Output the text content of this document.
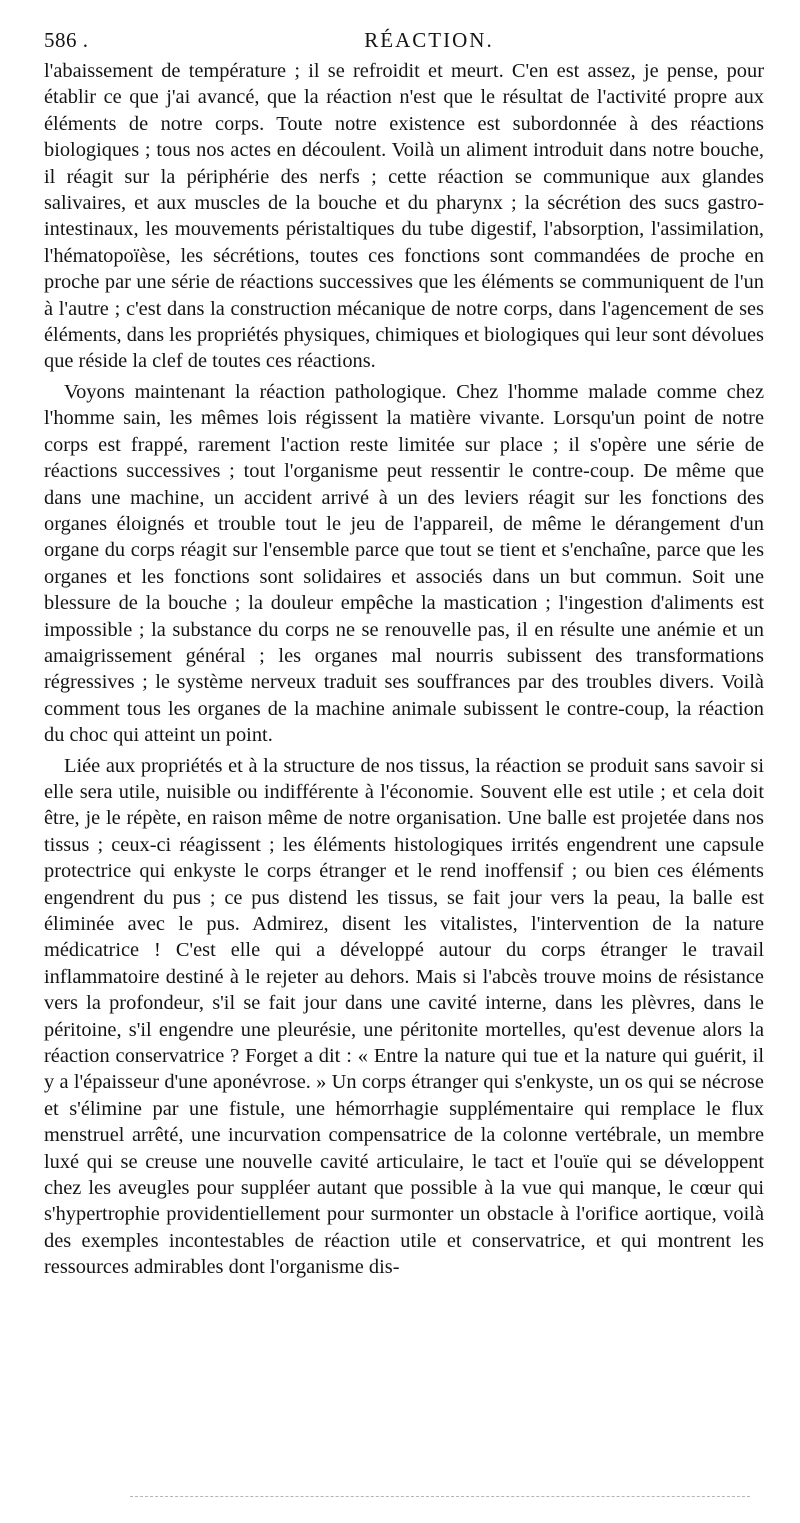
586 .	RÉACTION.

l'abaissement de température ; il se refroidit et meurt. C'en est assez, je pense, pour établir ce que j'ai avancé, que la réaction n'est que le résultat de l'activité propre aux éléments de notre corps. Toute notre existence est subordonnée à des réactions biologiques ; tous nos actes en découlent. Voilà un aliment introduit dans notre bouche, il réagit sur la périphérie des nerfs ; cette réaction se communique aux glandes salivaires, et aux muscles de la bouche et du pharynx ; la sécrétion des sucs gastro-intestinaux, les mouvements péristaltiques du tube digestif, l'absorption, l'assimilation, l'hématopoïèse, les sécrétions, toutes ces fonctions sont commandées de proche en proche par une série de réactions successives que les éléments se communiquent de l'un à l'autre ; c'est dans la construction mécanique de notre corps, dans l'agencement de ses éléments, dans les propriétés physiques, chimiques et biologiques qui leur sont dévolues que réside la clef de toutes ces réactions.

Voyons maintenant la réaction pathologique. Chez l'homme malade comme chez l'homme sain, les mêmes lois régissent la matière vivante. Lorsqu'un point de notre corps est frappé, rarement l'action reste limitée sur place ; il s'opère une série de réactions successives ; tout l'organisme peut ressentir le contre-coup. De même que dans une machine, un accident arrivé à un des leviers réagit sur les fonctions des organes éloignés et trouble tout le jeu de l'appareil, de même le dérangement d'un organe du corps réagit sur l'ensemble parce que tout se tient et s'enchaîne, parce que les organes et les fonctions sont solidaires et associés dans un but commun. Soit une blessure de la bouche ; la douleur empêche la mastication ; l'ingestion d'aliments est impossible ; la substance du corps ne se renouvelle pas, il en résulte une anémie et un amaigrissement général ; les organes mal nourris subissent des transformations régressives ; le système nerveux traduit ses souffrances par des troubles divers. Voilà comment tous les organes de la machine animale subissent le contre-coup, la réaction du choc qui atteint un point.

Liée aux propriétés et à la structure de nos tissus, la réaction se produit sans savoir si elle sera utile, nuisible ou indifférente à l'économie. Souvent elle est utile ; et cela doit être, je le répète, en raison même de notre organisation. Une balle est projetée dans nos tissus ; ceux-ci réagissent ; les éléments histologiques irrités engendrent une capsule protectrice qui enkyste le corps étranger et le rend inoffensif ; ou bien ces éléments engendrent du pus ; ce pus distend les tissus, se fait jour vers la peau, la balle est éliminée avec le pus. Admirez, disent les vitalistes, l'intervention de la nature médicatrice ! C'est elle qui a développé autour du corps étranger le travail inflammatoire destiné à le rejeter au dehors. Mais si l'abcès trouve moins de résistance vers la profondeur, s'il se fait jour dans une cavité interne, dans les plèvres, dans le péritoine, s'il engendre une pleurésie, une péritonite mortelles, qu'est devenue alors la réaction conservatrice ? Forget a dit : « Entre la nature qui tue et la nature qui guérit, il y a l'épaisseur d'une aponévrose. » Un corps étranger qui s'enkyste, un os qui se nécrose et s'élimine par une fistule, une hémorrhagie supplémentaire qui remplace le flux menstruel arrêté, une incurvation compensatrice de la colonne vertébrale, un membre luxé qui se creuse une nouvelle cavité articulaire, le tact et l'ouïe qui se développent chez les aveugles pour suppléer autant que possible à la vue qui manque, le cœur qui s'hypertrophie providentiellement pour surmonter un obstacle à l'orifice aortique, voilà des exemples incontestables de réaction utile et conservatrice, et qui montrent les ressources admirables dont l'organisme dis-
